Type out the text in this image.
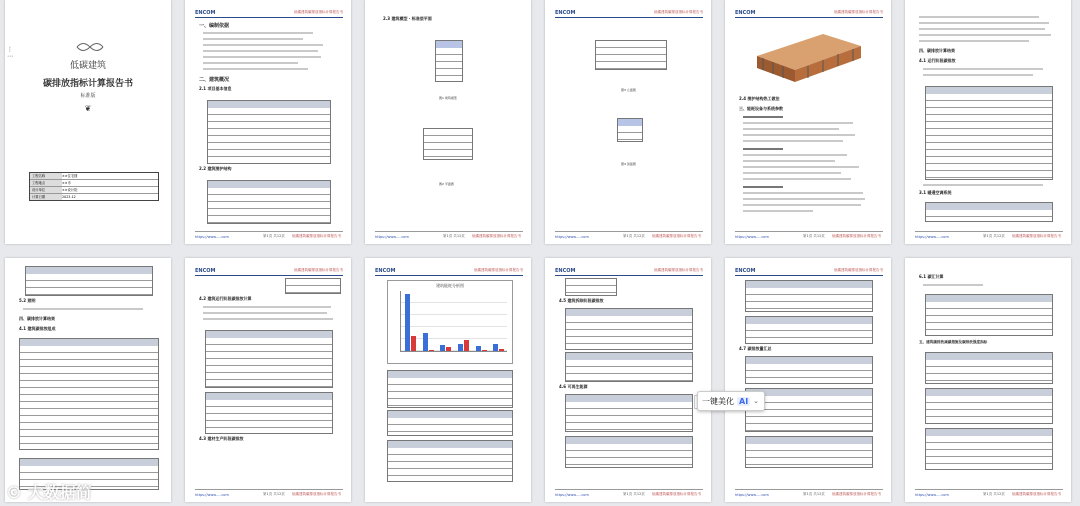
⋮
⋯
低碳建筑
碳排放指标计算报告书
标准版
❦
工程名称	××住宅楼
工程地点	××市
设计单位	××设计院
计算日期	2023-12
ENCOM	低碳建筑碳排放指标计算报告书
一、编制依据
二、建筑概况
2.1 项目基本信息
2.2 建筑围护结构
https://www.....com	第1页 共12页 低碳建筑碳排放指标计算报告书
2.3 建筑模型 · 标准层平面
图1 建筑模型
图2 平面图
https://www.....com	第1页 共12页 低碳建筑碳排放指标计算报告书
ENCOM	低碳建筑碳排放指标计算报告书
图3 立面图
图4 剖面图
https://www.....com	第1页 共12页 低碳建筑碳排放指标计算报告书
ENCOM	低碳建筑碳排放指标计算报告书
2.4 围护结构热工做法
三、能耗设备与系统参数
https://www.....com	第1页 共12页 低碳建筑碳排放指标计算报告书
四、碳排放计算结果
4.1 运行阶段碳排放
3.1 暖通空调系统
https://www.....com	第1页 共12页 低碳建筑碳排放指标计算报告书
5.2 照明
四、碳排放计算结果
4.1 建筑碳排放组成
ENCOM	低碳建筑碳排放指标计算报告书
4.2 建筑运行阶段碳排放计算
4.3 建材生产阶段碳排放
https://www.....com	第1页 共12页 低碳建筑碳排放指标计算报告书
ENCOM	低碳建筑碳排放指标计算报告书
建筑能耗分析图
ENCOM	低碳建筑碳排放指标计算报告书
4.5 建筑拆除阶段碳排放
4.6 可再生能源
https://www.....com	第1页 共12页 低碳建筑碳排放指标计算报告书
ENCOM	低碳建筑碳排放指标计算报告书
4.7 碳排放量汇总
https://www.....com	第1页 共12页 低碳建筑碳排放指标计算报告书
6.1 碳汇计算
五、建筑碳排放减碳措施及碳排放强度指标
https://www.....com	第1页 共12页 低碳建筑碳排放指标计算报告书
一键美化 AI ⌄
© 大数据简
